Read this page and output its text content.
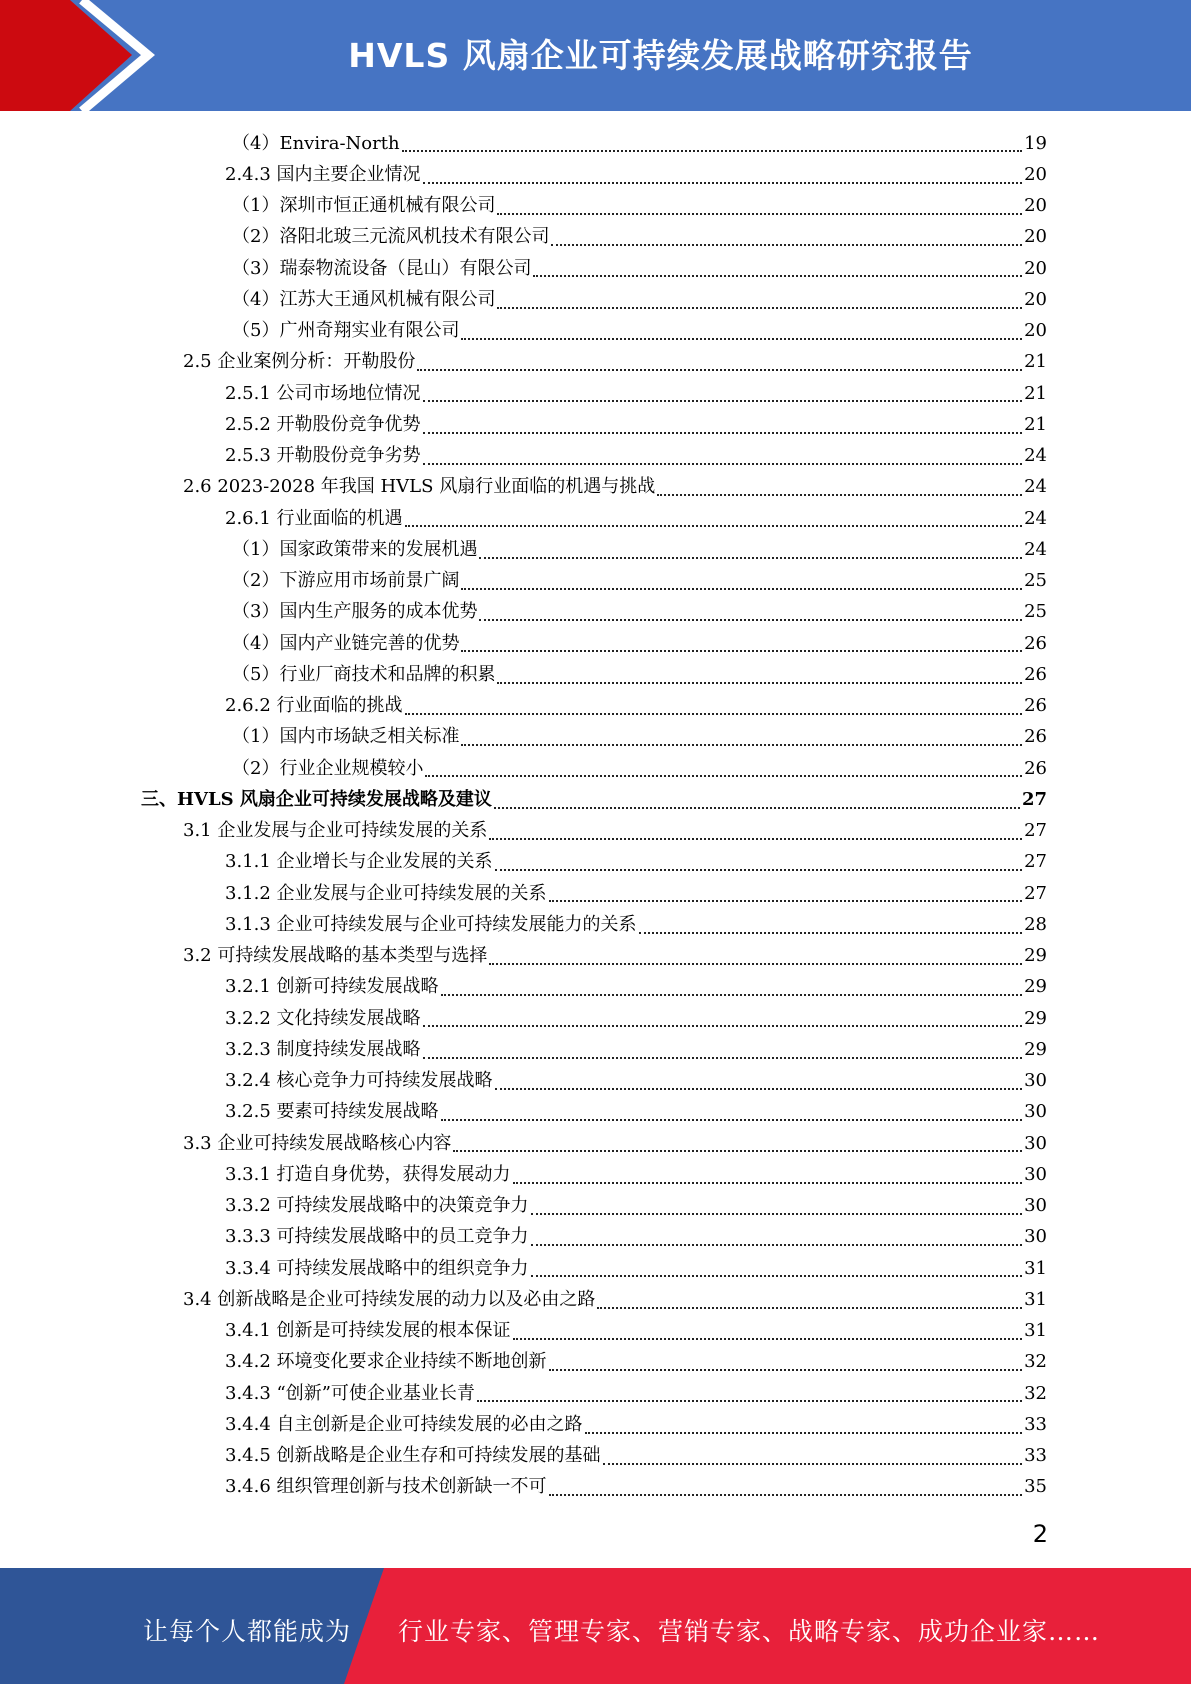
HVLS 风扇企业可持续发展战略研究报告
（4）Envira-North	19
2.4.3 国内主要企业情况	20
（1）深圳市恒正通机械有限公司	20
（2）洛阳北玻三元流风机技术有限公司	20
（3）瑞泰物流设备（昆山）有限公司	20
（4）江苏大王通风机械有限公司	20
（5）广州奇翔实业有限公司	20
2.5 企业案例分析：开勒股份	21
2.5.1 公司市场地位情况	21
2.5.2 开勒股份竞争优势	21
2.5.3 开勒股份竞争劣势	24
2.6 2023-2028 年我国 HVLS 风扇行业面临的机遇与挑战	24
2.6.1 行业面临的机遇	24
（1）国家政策带来的发展机遇	24
（2）下游应用市场前景广阔	25
（3）国内生产服务的成本优势	25
（4）国内产业链完善的优势	26
（5）行业厂商技术和品牌的积累	26
2.6.2 行业面临的挑战	26
（1）国内市场缺乏相关标准	26
（2）行业企业规模较小	26
三、HVLS 风扇企业可持续发展战略及建议	27
3.1 企业发展与企业可持续发展的关系	27
3.1.1 企业增长与企业发展的关系	27
3.1.2 企业发展与企业可持续发展的关系	27
3.1.3 企业可持续发展与企业可持续发展能力的关系	28
3.2 可持续发展战略的基本类型与选择	29
3.2.1 创新可持续发展战略	29
3.2.2 文化持续发展战略	29
3.2.3 制度持续发展战略	29
3.2.4 核心竞争力可持续发展战略	30
3.2.5 要素可持续发展战略	30
3.3 企业可持续发展战略核心内容	30
3.3.1 打造自身优势，获得发展动力	30
3.3.2 可持续发展战略中的决策竞争力	30
3.3.3 可持续发展战略中的员工竞争力	30
3.3.4 可持续发展战略中的组织竞争力	31
3.4 创新战略是企业可持续发展的动力以及必由之路	31
3.4.1 创新是可持续发展的根本保证	31
3.4.2 环境变化要求企业持续不断地创新	32
3.4.3 “创新”可使企业基业长青	32
3.4.4 自主创新是企业可持续发展的必由之路	33
3.4.5 创新战略是企业生存和可持续发展的基础	33
3.4.6 组织管理创新与技术创新缺一不可	35
2
让每个人都能成为 行业专家、管理专家、营销专家、战略专家、成功企业家……
